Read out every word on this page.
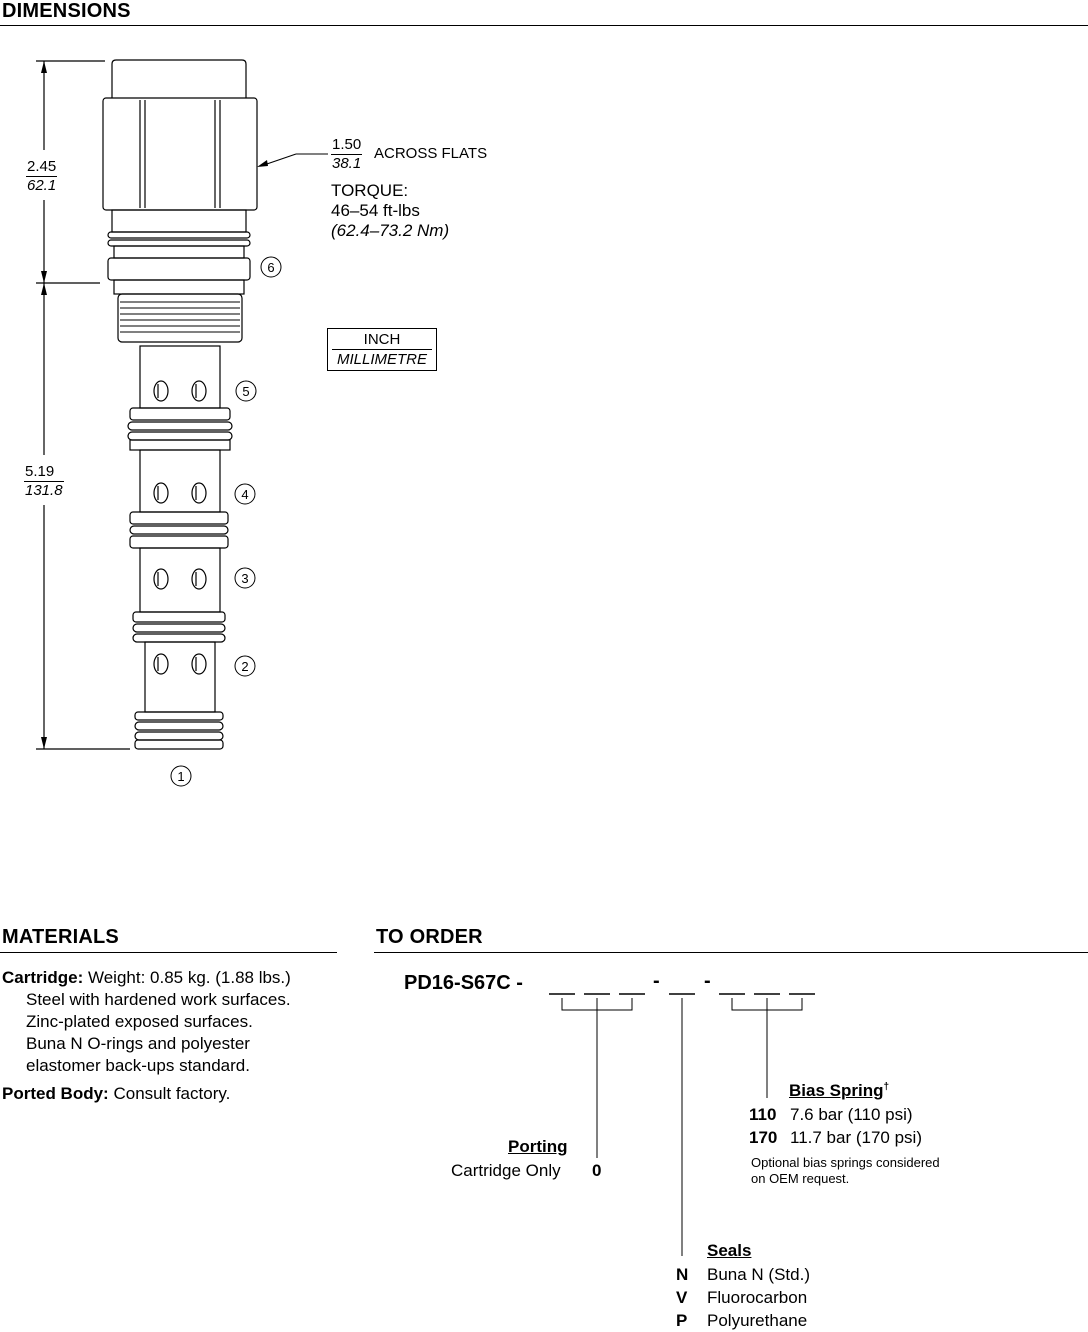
DIMENSIONS
6
5
4
3
2
1
$\frac{2.45}{62.1}$
$\frac{5.19}{131.8}$
$\frac{1.50}{38.1}$ ACROSS FLATS
TORQUE:
46–54 ft-lbs
(62.4–73.2 Nm)
INCH
MILLIMETRE
MATERIALS

Cartridge: Weight: 0.85 kg. (1.88 lbs.)

Steel with hardened work surfaces.

Zinc-plated exposed surfaces.

Buna N O-rings and polyester

elastomer back-ups standard.

Ported Body: Consult factory.

TO ORDER
PD16-S67C -	- -
Porting
Cartridge Only 0
Bias Spring†
110 7.6 bar (110 psi)
170 11.7 bar (170 psi)
Optional bias springs considered
on OEM request.
Seals
N Buna N (Std.)
V Fluorocarbon
P Polyurethane
